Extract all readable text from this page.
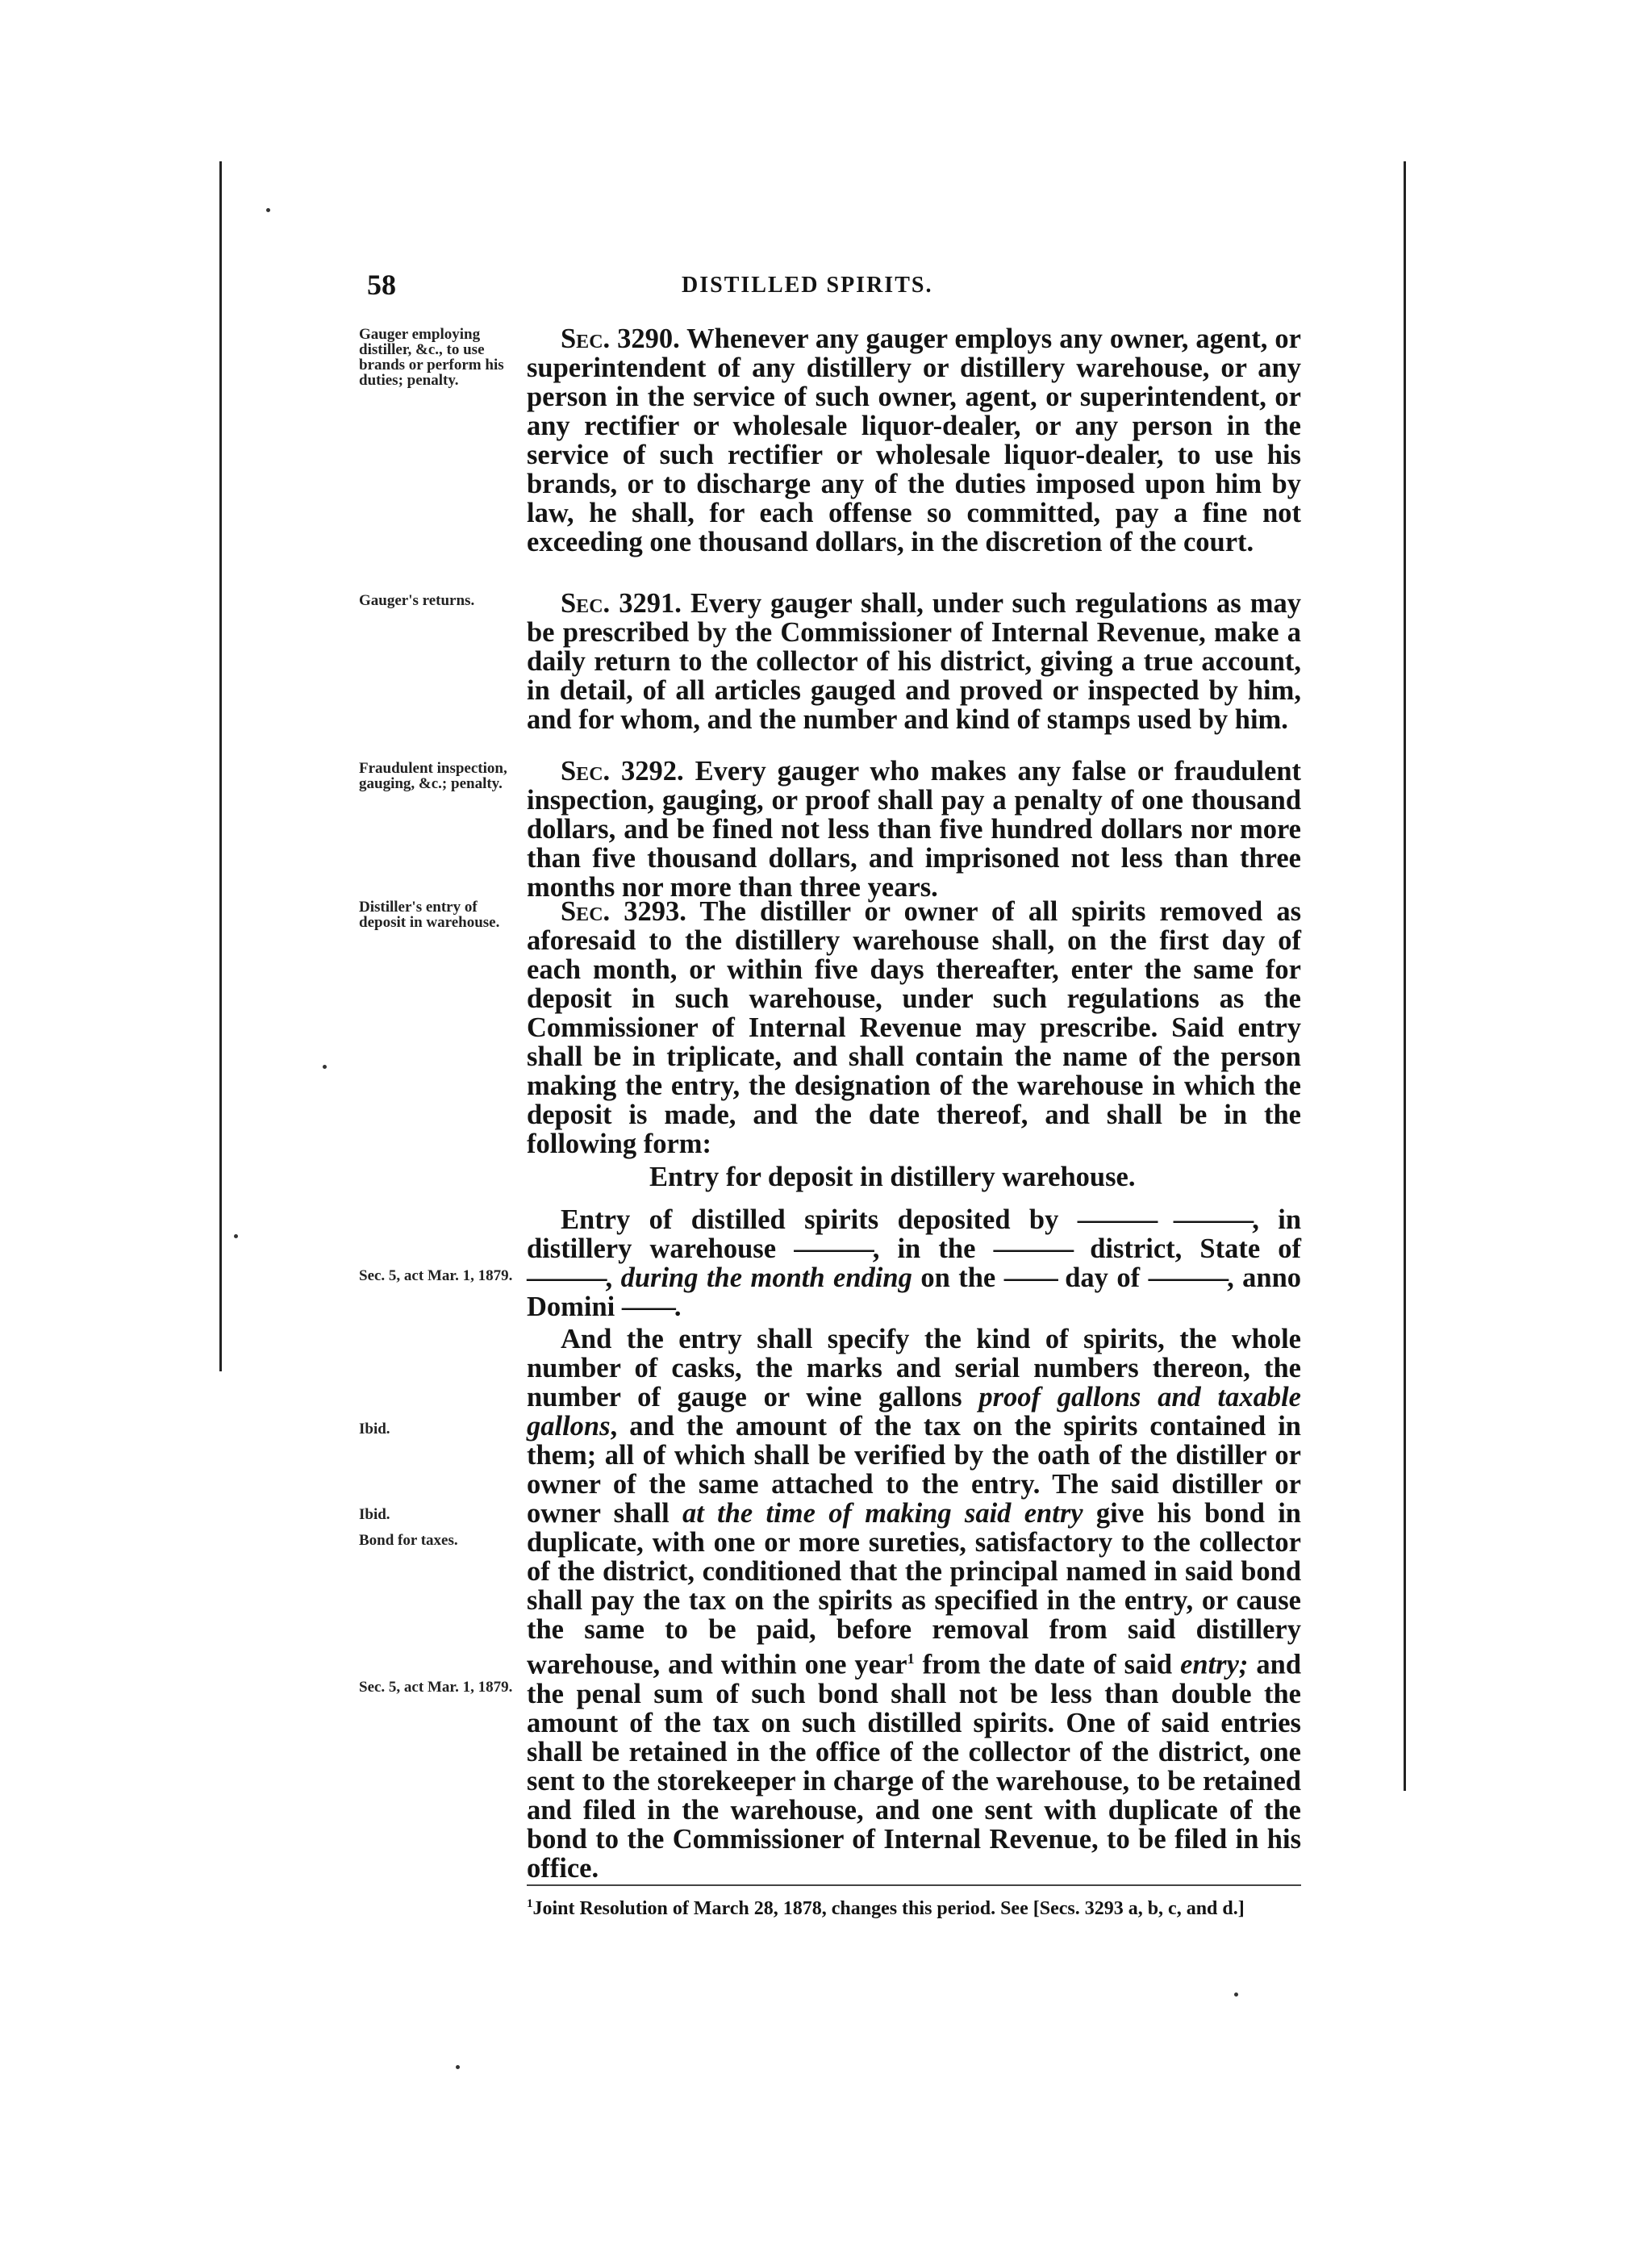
58	DISTILLED SPIRITS.

Gauger employing distiller, &c., to use brands or perform his duties; penalty.

Sec. 3290. Whenever any gauger employs any owner, agent, or superintendent of any distillery or distillery warehouse, or any person in the service of such owner, agent, or superintendent, or any rectifier or wholesale liquor-dealer, or any person in the service of such rectifier or wholesale liquor-dealer, to use his brands, or to discharge any of the duties imposed upon him by law, he shall, for each offense so committed, pay a fine not exceeding one thousand dollars, in the discretion of the court.

Gauger's returns.	Sec. 3291. Every gauger shall, under such regulations as may be prescribed by the Commissioner of Internal Revenue, make a daily return to the collector of his district, giving a true account, in detail, of all articles gauged and proved or inspected by him, and for whom, and the number and kind of stamps used by him.

Fraudulent inspection, gauging, &c.; penalty.	Sec. 3292. Every gauger who makes any false or fraudulent inspection, gauging, or proof shall pay a penalty of one thousand dollars, and be fined not less than five hundred dollars nor more than five thousand dollars, and imprisoned not less than three months nor more than three years.

Distiller's entry of deposit in warehouse.	Sec. 3293. The distiller or owner of all spirits removed as aforesaid to the distillery warehouse shall, on the first day of each month, or within five days thereafter, enter the same for deposit in such warehouse, under such regulations as the Commissioner of Internal Revenue may prescribe. Said entry shall be in triplicate, and shall contain the name of the person making the entry, the designation of the warehouse in which the deposit is made, and the date thereof, and shall be in the following form:

Entry for deposit in distillery warehouse.

Sec. 5, act Mar. 1, 1879.

Entry of distilled spirits deposited by ——— ———, in distillery warehouse ———, in the ——— district, State of ———, during the month ending on the —— day of ———, anno Domini ——.

Ibid.

Ibid.

Bond for taxes.

Sec. 5, act Mar. 1, 1879.

And the entry shall specify the kind of spirits, the whole number of casks, the marks and serial numbers thereon, the number of gauge or wine gallons proof gallons and taxable gallons, and the amount of the tax on the spirits contained in them; all of which shall be verified by the oath of the distiller or owner of the same attached to the entry. The said distiller or owner shall at the time of making said entry give his bond in duplicate, with one or more sureties, satisfactory to the collector of the district, conditioned that the principal named in said bond shall pay the tax on the spirits as specified in the entry, or cause the same to be paid, before removal from said distillery warehouse, and within one year$^1$ from the date of said entry; and the penal sum of such bond shall not be less than double the amount of the tax on such distilled spirits. One of said entries shall be retained in the office of the collector of the district, one sent to the storekeeper in charge of the warehouse, to be retained and filed in the warehouse, and one sent with duplicate of the bond to the Commissioner of Internal Revenue, to be filed in his office.

$^1$Joint Resolution of March 28, 1878, changes this period. See [Secs. 3293 a, b, c, and d.]
